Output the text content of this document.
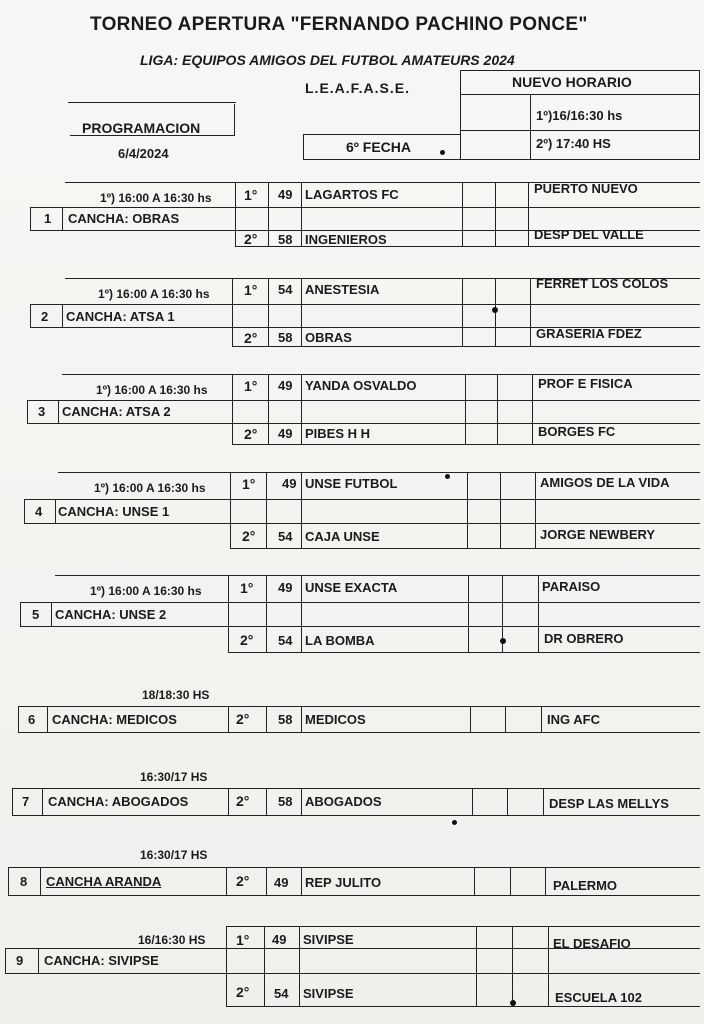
TORNEO APERTURA "FERNANDO PACHINO PONCE"
LIGA: EQUIPOS AMIGOS DEL FUTBOL AMATEURS 2024
L.E.A.F.A.S.E.
PROGRAMACION
6/4/2024
NUEVO HORARIO
1º)16/16:30 hs
2º) 17:40 HS
6º FECHA
1º) 16:00 A 16:30 hs
1 CANCHA: OBRAS
1° 49 LAGARTOS FC	PUERTO NUEVO
2° 58 INGENIEROS	DESP DEL VALLE
1º) 16:00 A 16:30 hs
2 CANCHA: ATSA 1
1° 54 ANESTESIA	FERRET LOS COLOS
2° 58 OBRAS	GRASERIA FDEZ
1º) 16:00 A 16:30 hs
3 CANCHA: ATSA 2
1° 49 YANDA OSVALDO	PROF E FISICA
2° 49 PIBES H H	BORGES FC
1º) 16:00 A 16:30 hs
4 CANCHA: UNSE 1
1° 49 UNSE FUTBOL	AMIGOS DE LA VIDA
2° 54 CAJA UNSE	JORGE NEWBERY
1º) 16:00 A 16:30 hs
5 CANCHA: UNSE 2
1° 49 UNSE EXACTA	PARAISO
2° 54 LA BOMBA	DR OBRERO
18/18:30 HS
6 CANCHA: MEDICOS	2° 58 MEDICOS	ING AFC
16:30/17 HS
7 CANCHA: ABOGADOS	2° 58 ABOGADOS	DESP LAS MELLYS
16:30/17 HS
8 CANCHA ARANDA	2° 49 REP JULITO	PALERMO
16/16:30 HS
9 CANCHA: SIVIPSE
1° 49 SIVIPSE	EL DESAFIO
2° 54 SIVIPSE	ESCUELA 102
